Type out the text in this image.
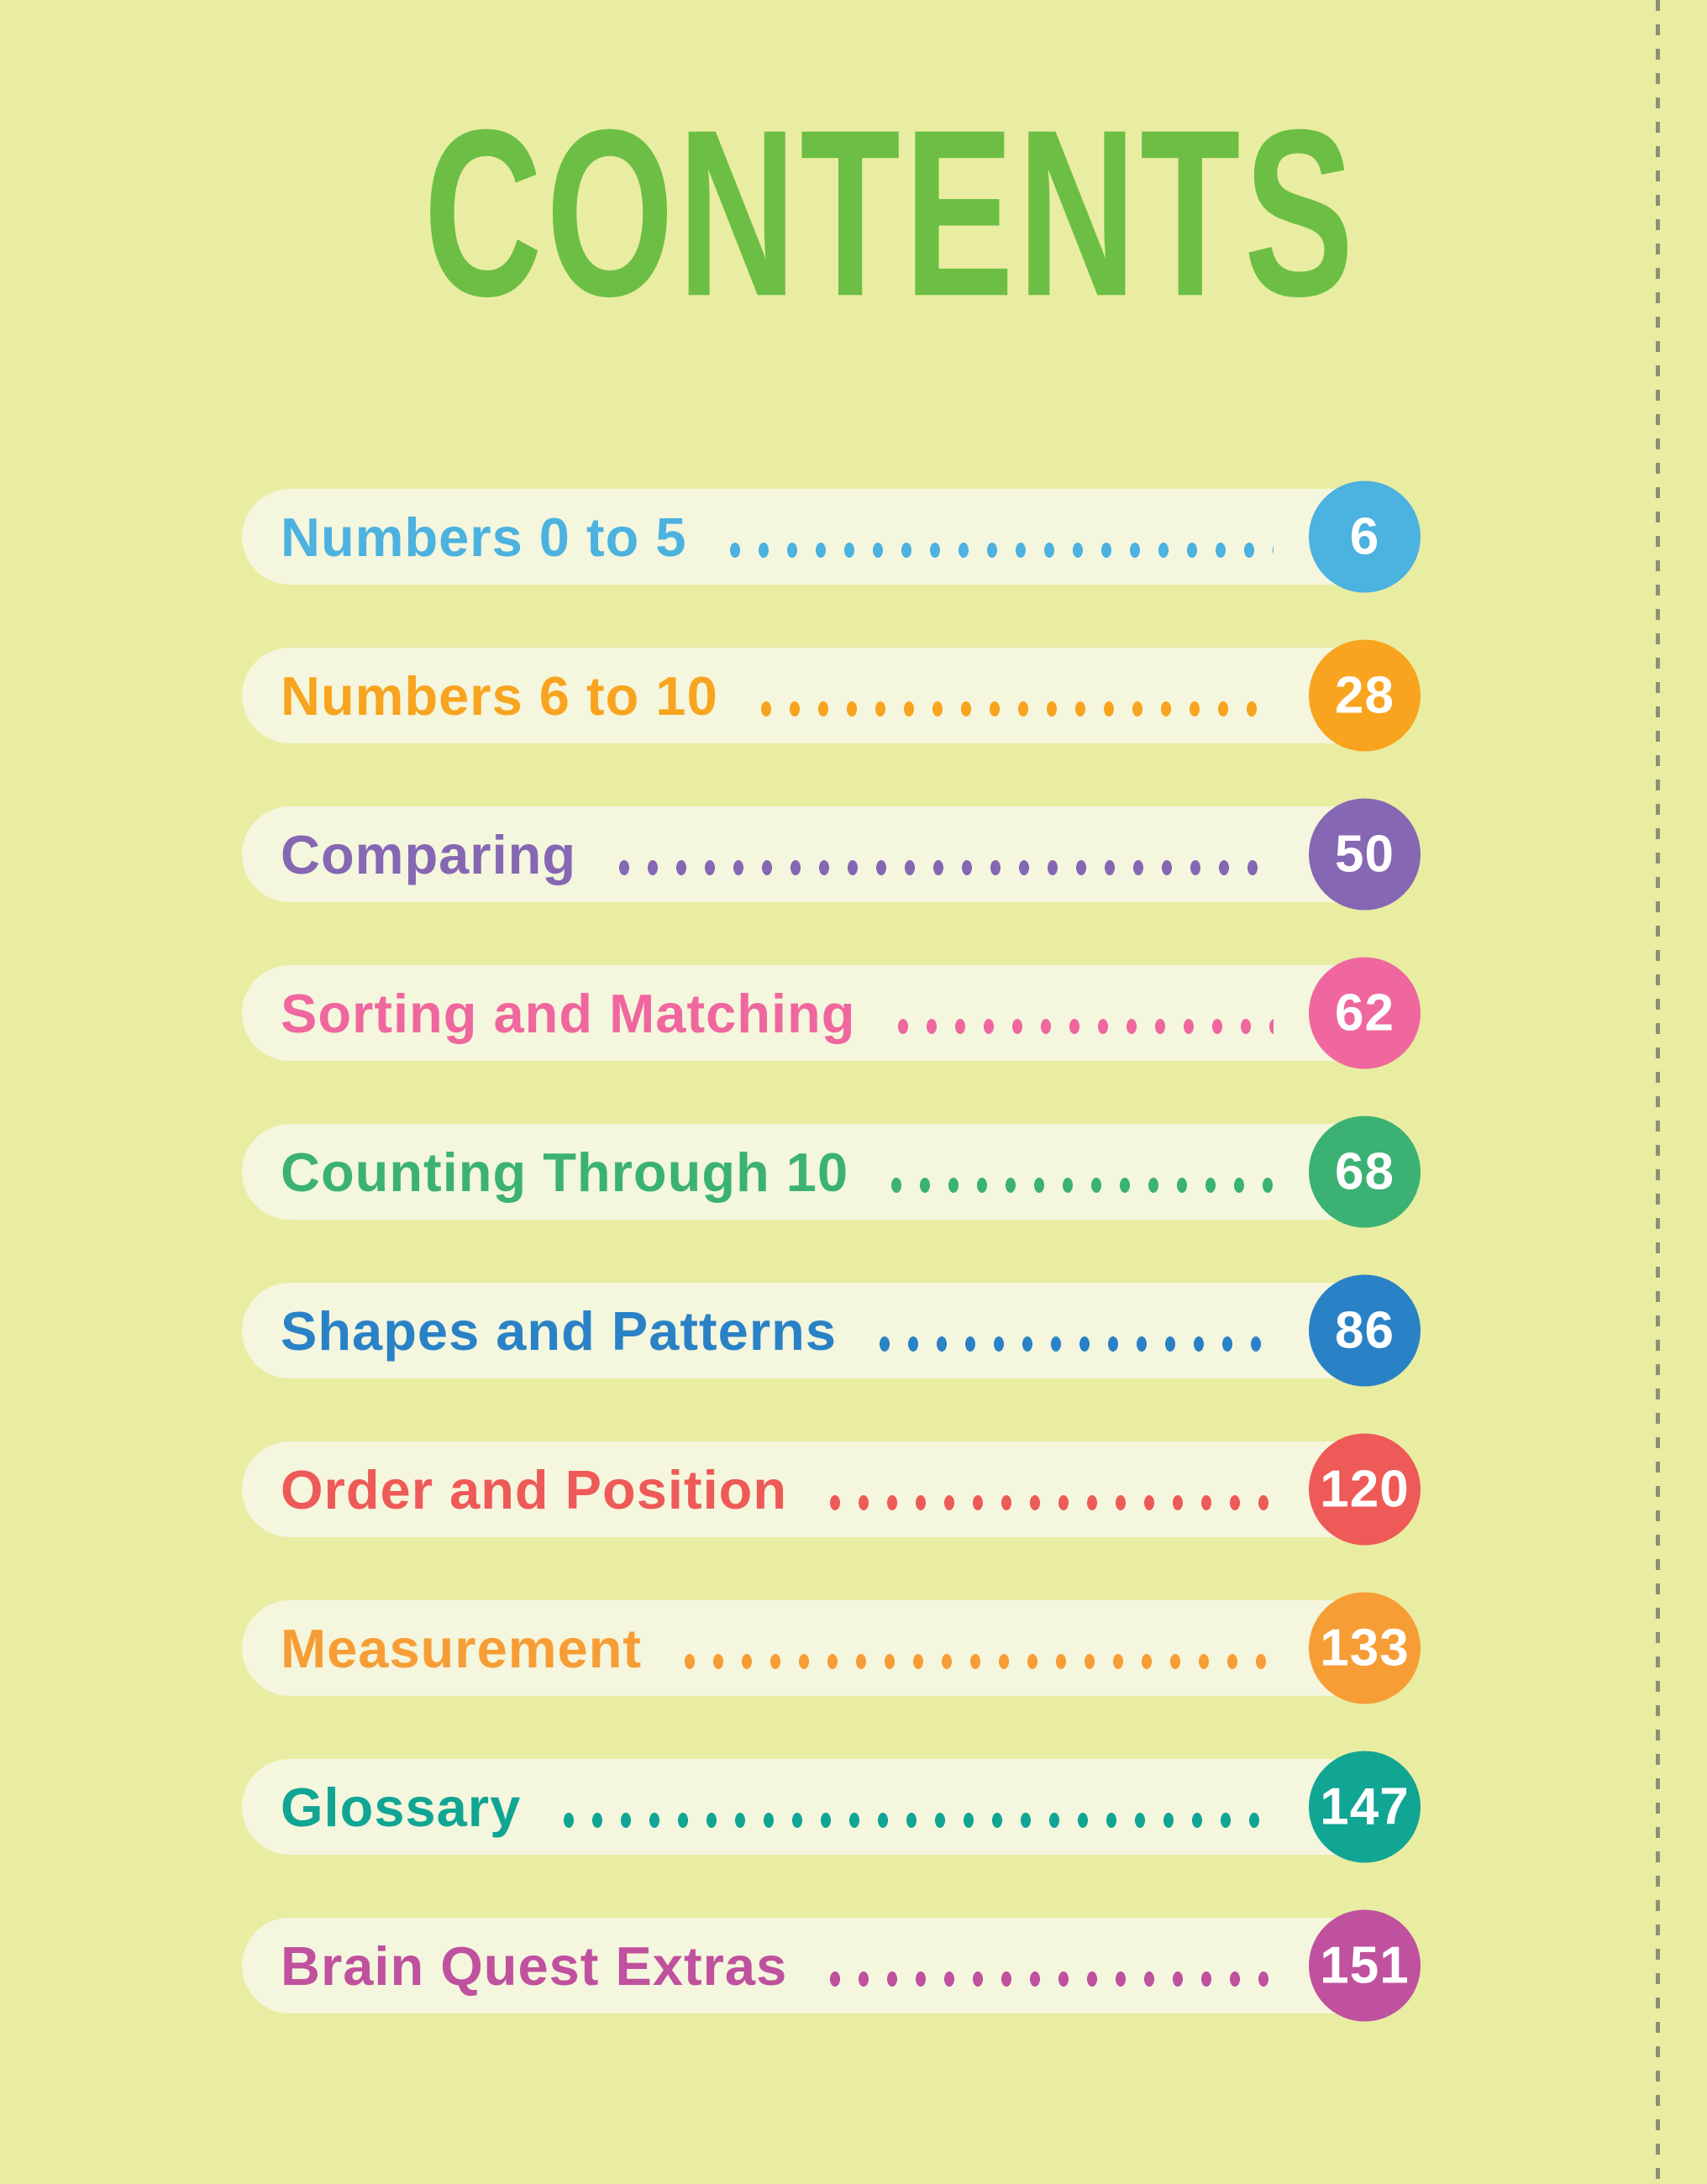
CONTENTS
Numbers 0 to 5	6
Numbers 6 to 10	28
Comparing	50
Sorting and Matching	62
Counting Through 10	68
Shapes and Patterns	86
Order and Position	120
Measurement	133
Glossary	147
Brain Quest Extras	151
